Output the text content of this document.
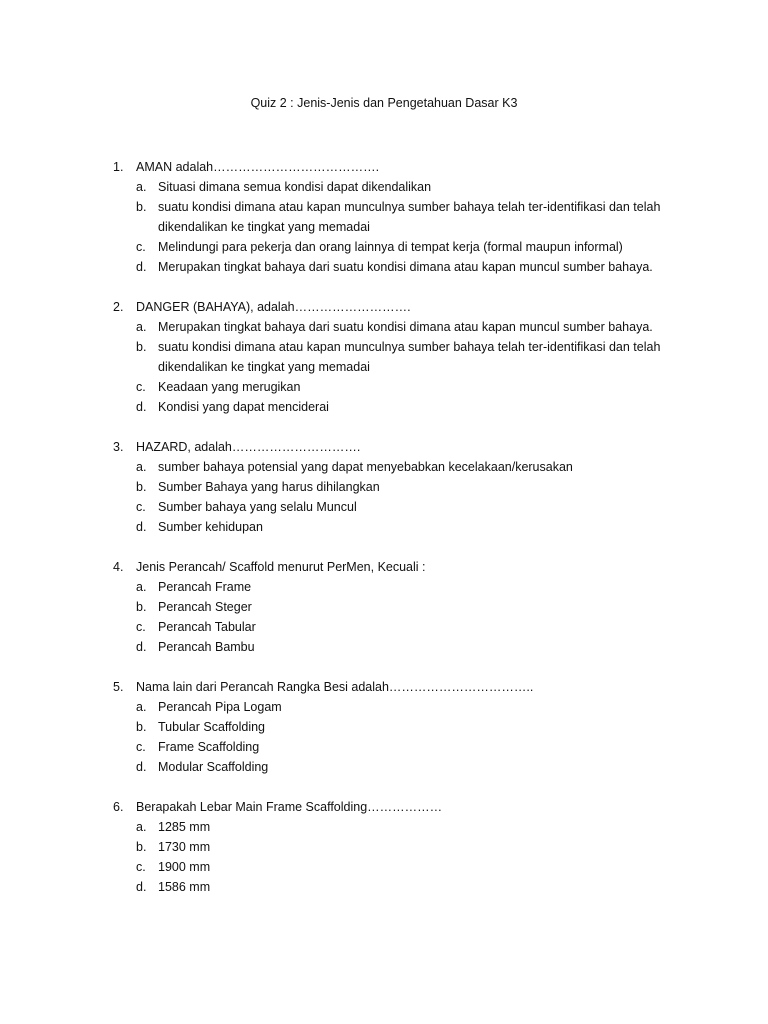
Quiz 2 : Jenis-Jenis dan Pengetahuan Dasar K3
1. AMAN adalah………………………………….
a. Situasi dimana semua kondisi dapat dikendalikan
b. suatu kondisi dimana atau kapan munculnya sumber bahaya telah ter-identifikasi dan telah dikendalikan ke tingkat yang memadai
c. Melindungi para pekerja dan orang lainnya di tempat kerja (formal maupun informal)
d. Merupakan tingkat bahaya dari suatu kondisi dimana atau kapan muncul sumber bahaya.
2. DANGER (BAHAYA), adalah……………………….
a. Merupakan tingkat bahaya dari suatu kondisi dimana atau kapan muncul sumber bahaya.
b. suatu kondisi dimana atau kapan munculnya sumber bahaya telah ter-identifikasi dan telah dikendalikan ke tingkat yang memadai
c. Keadaan yang merugikan
d. Kondisi yang dapat menciderai
3. HAZARD, adalah………………………….
a. sumber bahaya potensial yang dapat menyebabkan kecelakaan/kerusakan
b. Sumber Bahaya yang harus dihilangkan
c. Sumber bahaya yang selalu Muncul
d. Sumber kehidupan
4. Jenis Perancah/ Scaffold menurut PerMen, Kecuali :
a. Perancah Frame
b. Perancah Steger
c. Perancah Tabular
d. Perancah Bambu
5. Nama lain dari Perancah Rangka Besi adalah……………………………..
a. Perancah Pipa Logam
b. Tubular Scaffolding
c. Frame Scaffolding
d. Modular Scaffolding
6. Berapakah Lebar Main Frame Scaffolding………………
a. 1285 mm
b. 1730 mm
c. 1900 mm
d. 1586 mm
